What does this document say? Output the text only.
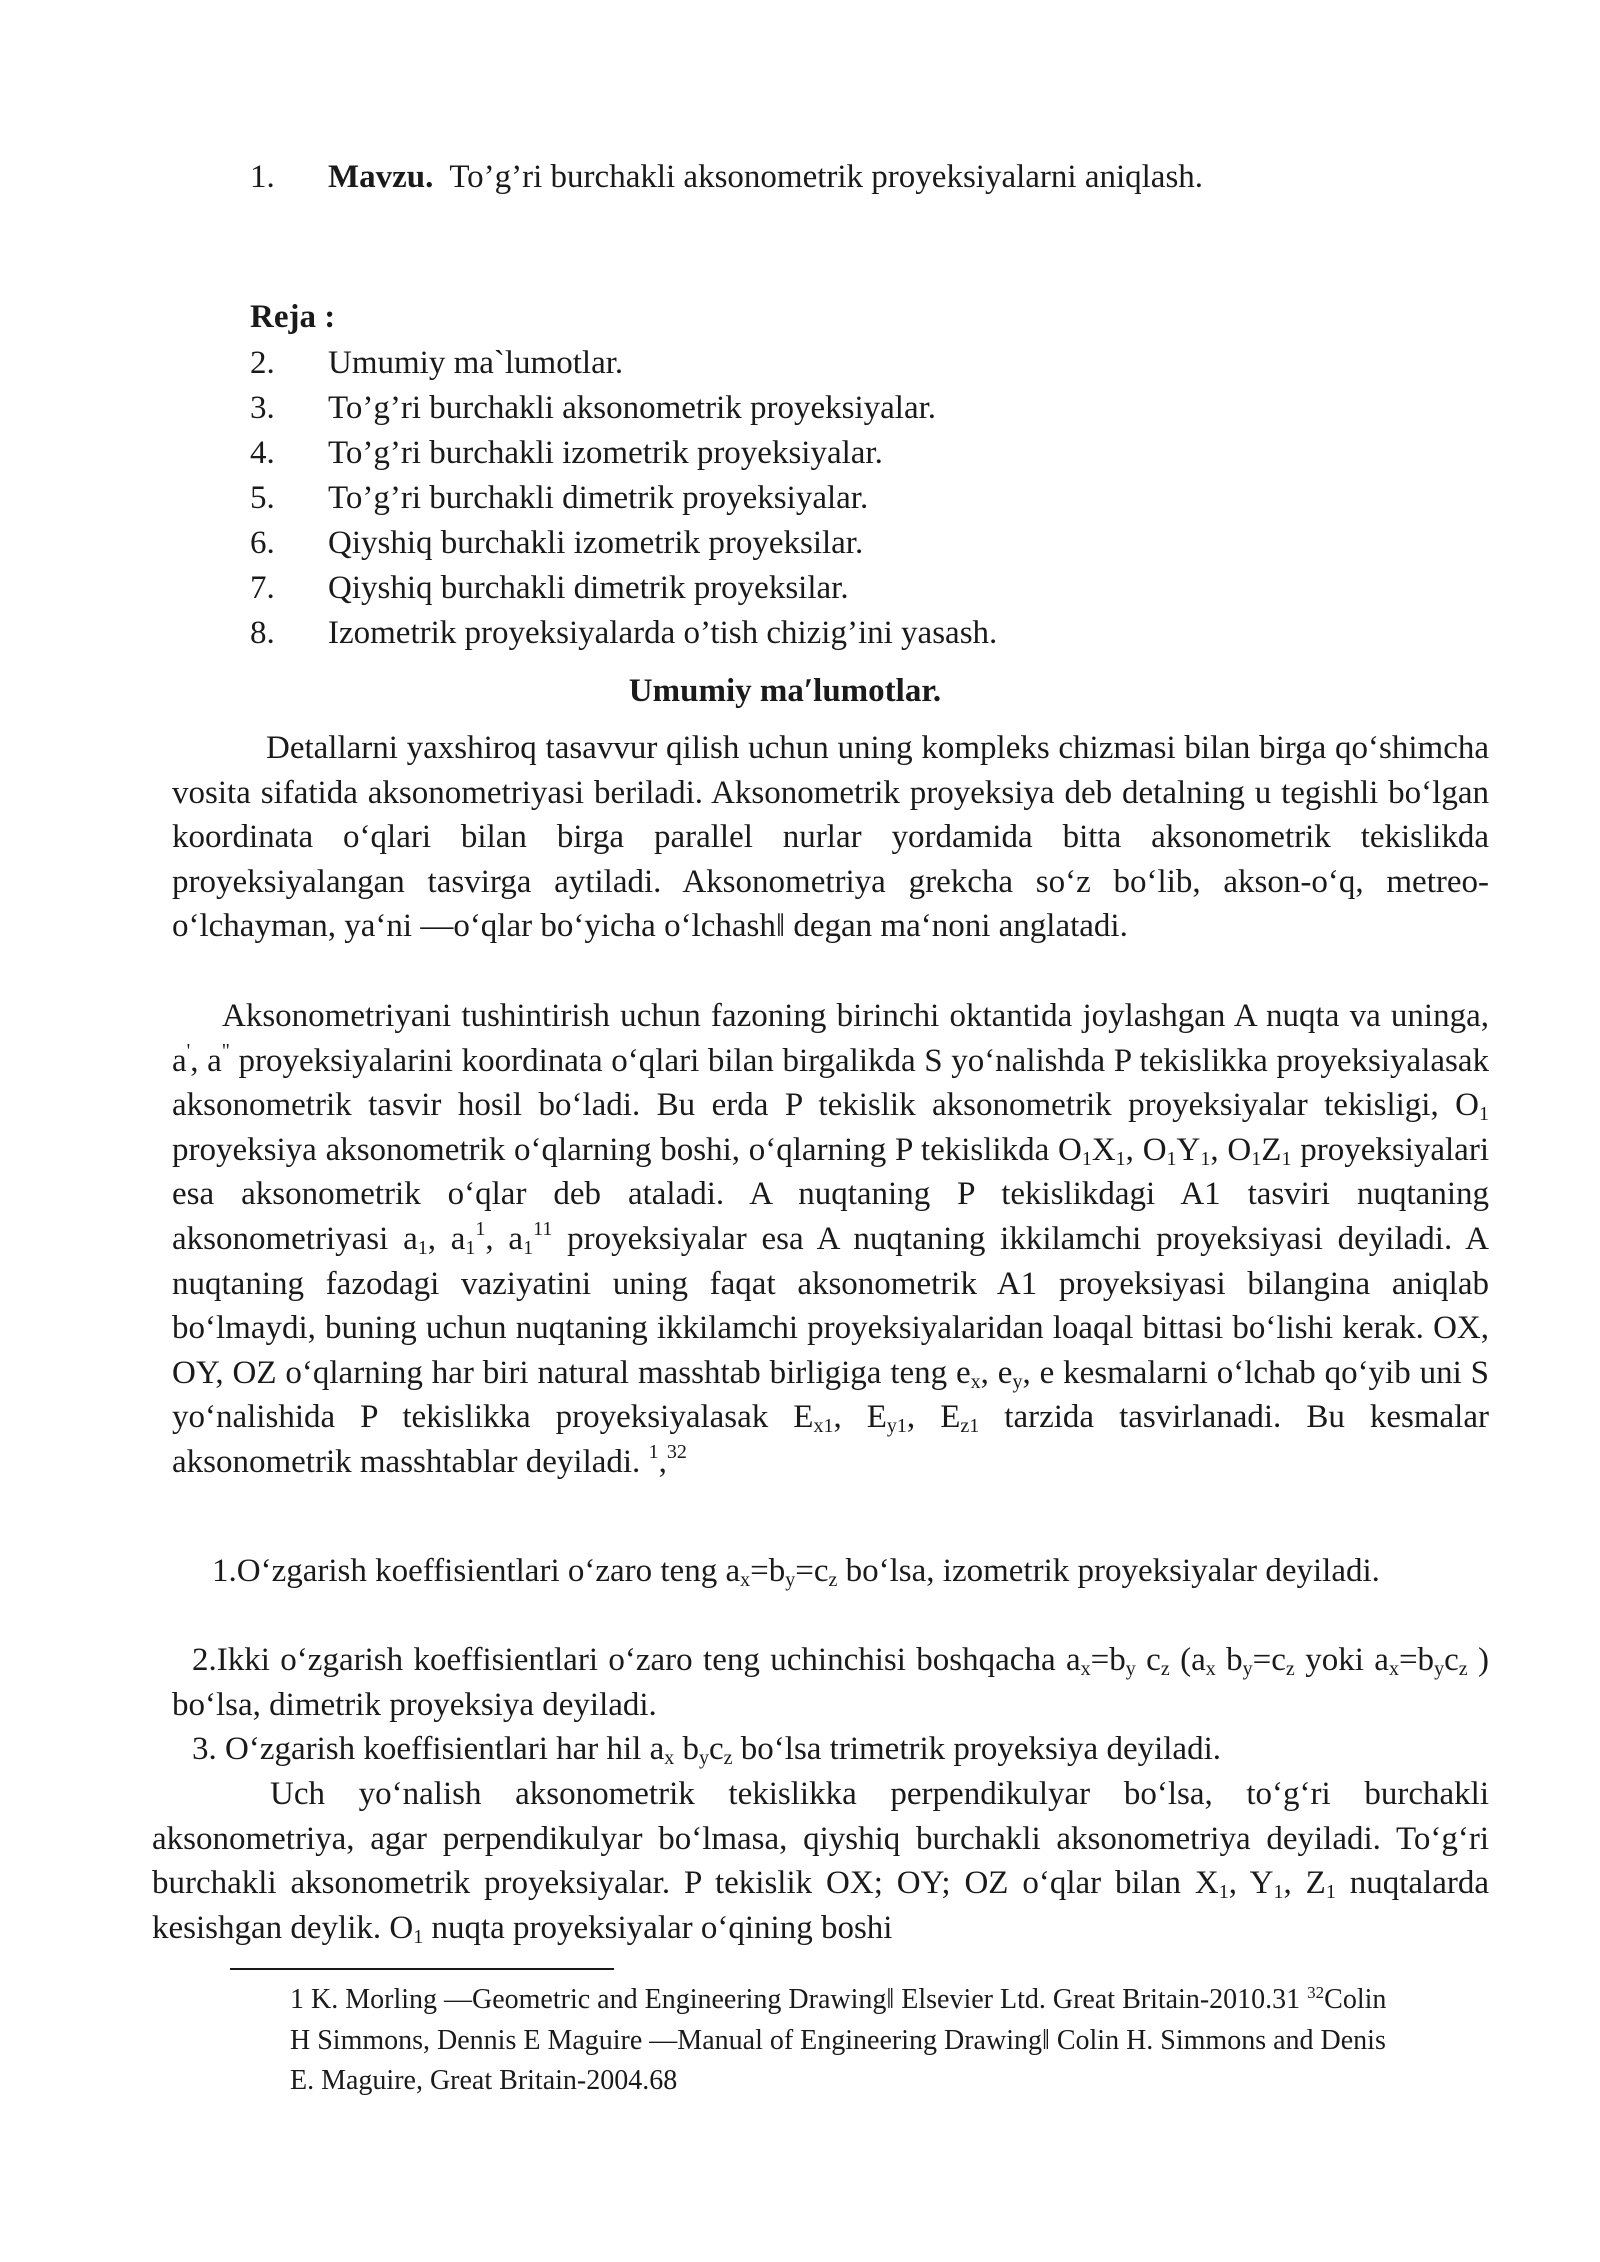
1. Mavzu. To’g’ri burchakli aksonometrik proyeksiyalarni aniqlash.
Reja :
2. Umumiy ma`lumotlar.
3. To’g’ri burchakli aksonometrik proyeksiyalar.
4. To’g’ri burchakli izometrik proyeksiyalar.
5. To’g’ri burchakli dimetrik proyeksiyalar.
6. Qiyshiq burchakli izometrik proyeksilar.
7. Qiyshiq burchakli dimetrik proyeksilar.
8. Izometrik proyeksiyalarda o’tish chizig’ini yasash.
Umumiy maʹlumotlar.
Detallarni yaxshiroq tasavvur qilish uchun uning kompleks chizmasi bilan birga qo‘shimcha vosita sifatida aksonometriyasi beriladi. Aksonometrik proyeksiya deb detalning u tegishli bo‘lgan koordinata o‘qlari bilan birga parallel nurlar yordamida bitta aksonometrik tekislikda proyeksiyalangan tasvirga aytiladi. Aksonometriya grekcha so‘z bo‘lib, akson-o‘q, metreo-o‘lchayman, ya‘ni ―o‘qlar bo‘yicha o‘lchash‖ degan ma‘noni anglatadi.
Aksonometriyani tushintirish uchun fazoning birinchi oktantida joylashgan A nuqta va uninga, a', a" proyeksiyalarini koordinata o‘qlari bilan birgalikda S yo‘nalishda P tekislikka proyeksiyalasak aksonometrik tasvir hosil bo‘ladi. Bu erda P tekislik aksonometrik proyeksiyalar tekisligi, $O_1$ proyeksiya aksonometrik o‘qlarning boshi, o‘qlarning P tekislikda $O_1X_1$, $O_1Y_1$, $O_1Z_1$ proyeksiyalari esa aksonometrik o‘qlar deb ataladi. A nuqtaning P tekislikdagi A1 tasviri nuqtaning aksonometriyasi $a_1$, $a_1^1$, $a_1^{11}$ proyeksiyalar esa A nuqtaning ikkilamchi proyeksiyasi deyiladi. A nuqtaning fazodagi vaziyatini uning faqat aksonometrik A1 proyeksiyasi bilangina aniqlab bo‘lmaydi, buning uchun nuqtaning ikkilamchi proyeksiyalaridan loaqal bittasi bo‘lishi kerak. OX, OY, OZ o‘qlarning har biri natural masshtab birligiga teng $e_x$, $e_y$, e kesmalarni o‘lchab qo‘yib uni S yo‘nalishida P tekislikka proyeksiyalasak $E_{x1}$, $E_{y1}$, $E_{z1}$ tarzida tasvirlanadi. Bu kesmalar aksonometrik masshtablar deyiladi. $^1$,$^{32}$
1.O‘zgarish koeffisientlari o‘zaro teng $a_x=b_y=c_z$ bo‘lsa, izometrik proyeksiyalar deyiladi.
2.Ikki o‘zgarish koeffisientlari o‘zaro teng uchinchisi boshqacha $a_x=b_y$ $c_z$ ($a_x$ $b_y=c_z$ yoki $a_x=b_yc_z$ ) bo‘lsa, dimetrik proyeksiya deyiladi.
3. O‘zgarish koeffisientlari har hil $a_x$ $b_yc_z$ bo‘lsa trimetrik proyeksiya deyiladi.
Uch yo‘nalish aksonometrik tekislikka perpendikulyar bo‘lsa, to‘g‘ri burchakli aksonometriya, agar perpendikulyar bo‘lmasa, qiyshiq burchakli aksonometriya deyiladi. To‘g‘ri burchakli aksonometrik proyeksiyalar. P tekislik OX; OY; OZ o‘qlar bilan $X_1$, $Y_1$, $Z_1$ nuqtalarda kesishgan deylik. $O_1$ nuqta proyeksiyalar o‘qining boshi
1 K. Morling ―Geometric and Engineering Drawing‖ Elsevier Ltd. Great Britain-2010.31 $^{32}$Colin H Simmons, Dennis E Maguire ―Manual of Engineering Drawing‖ Colin H. Simmons and Denis E. Maguire, Great Britain-2004.68
